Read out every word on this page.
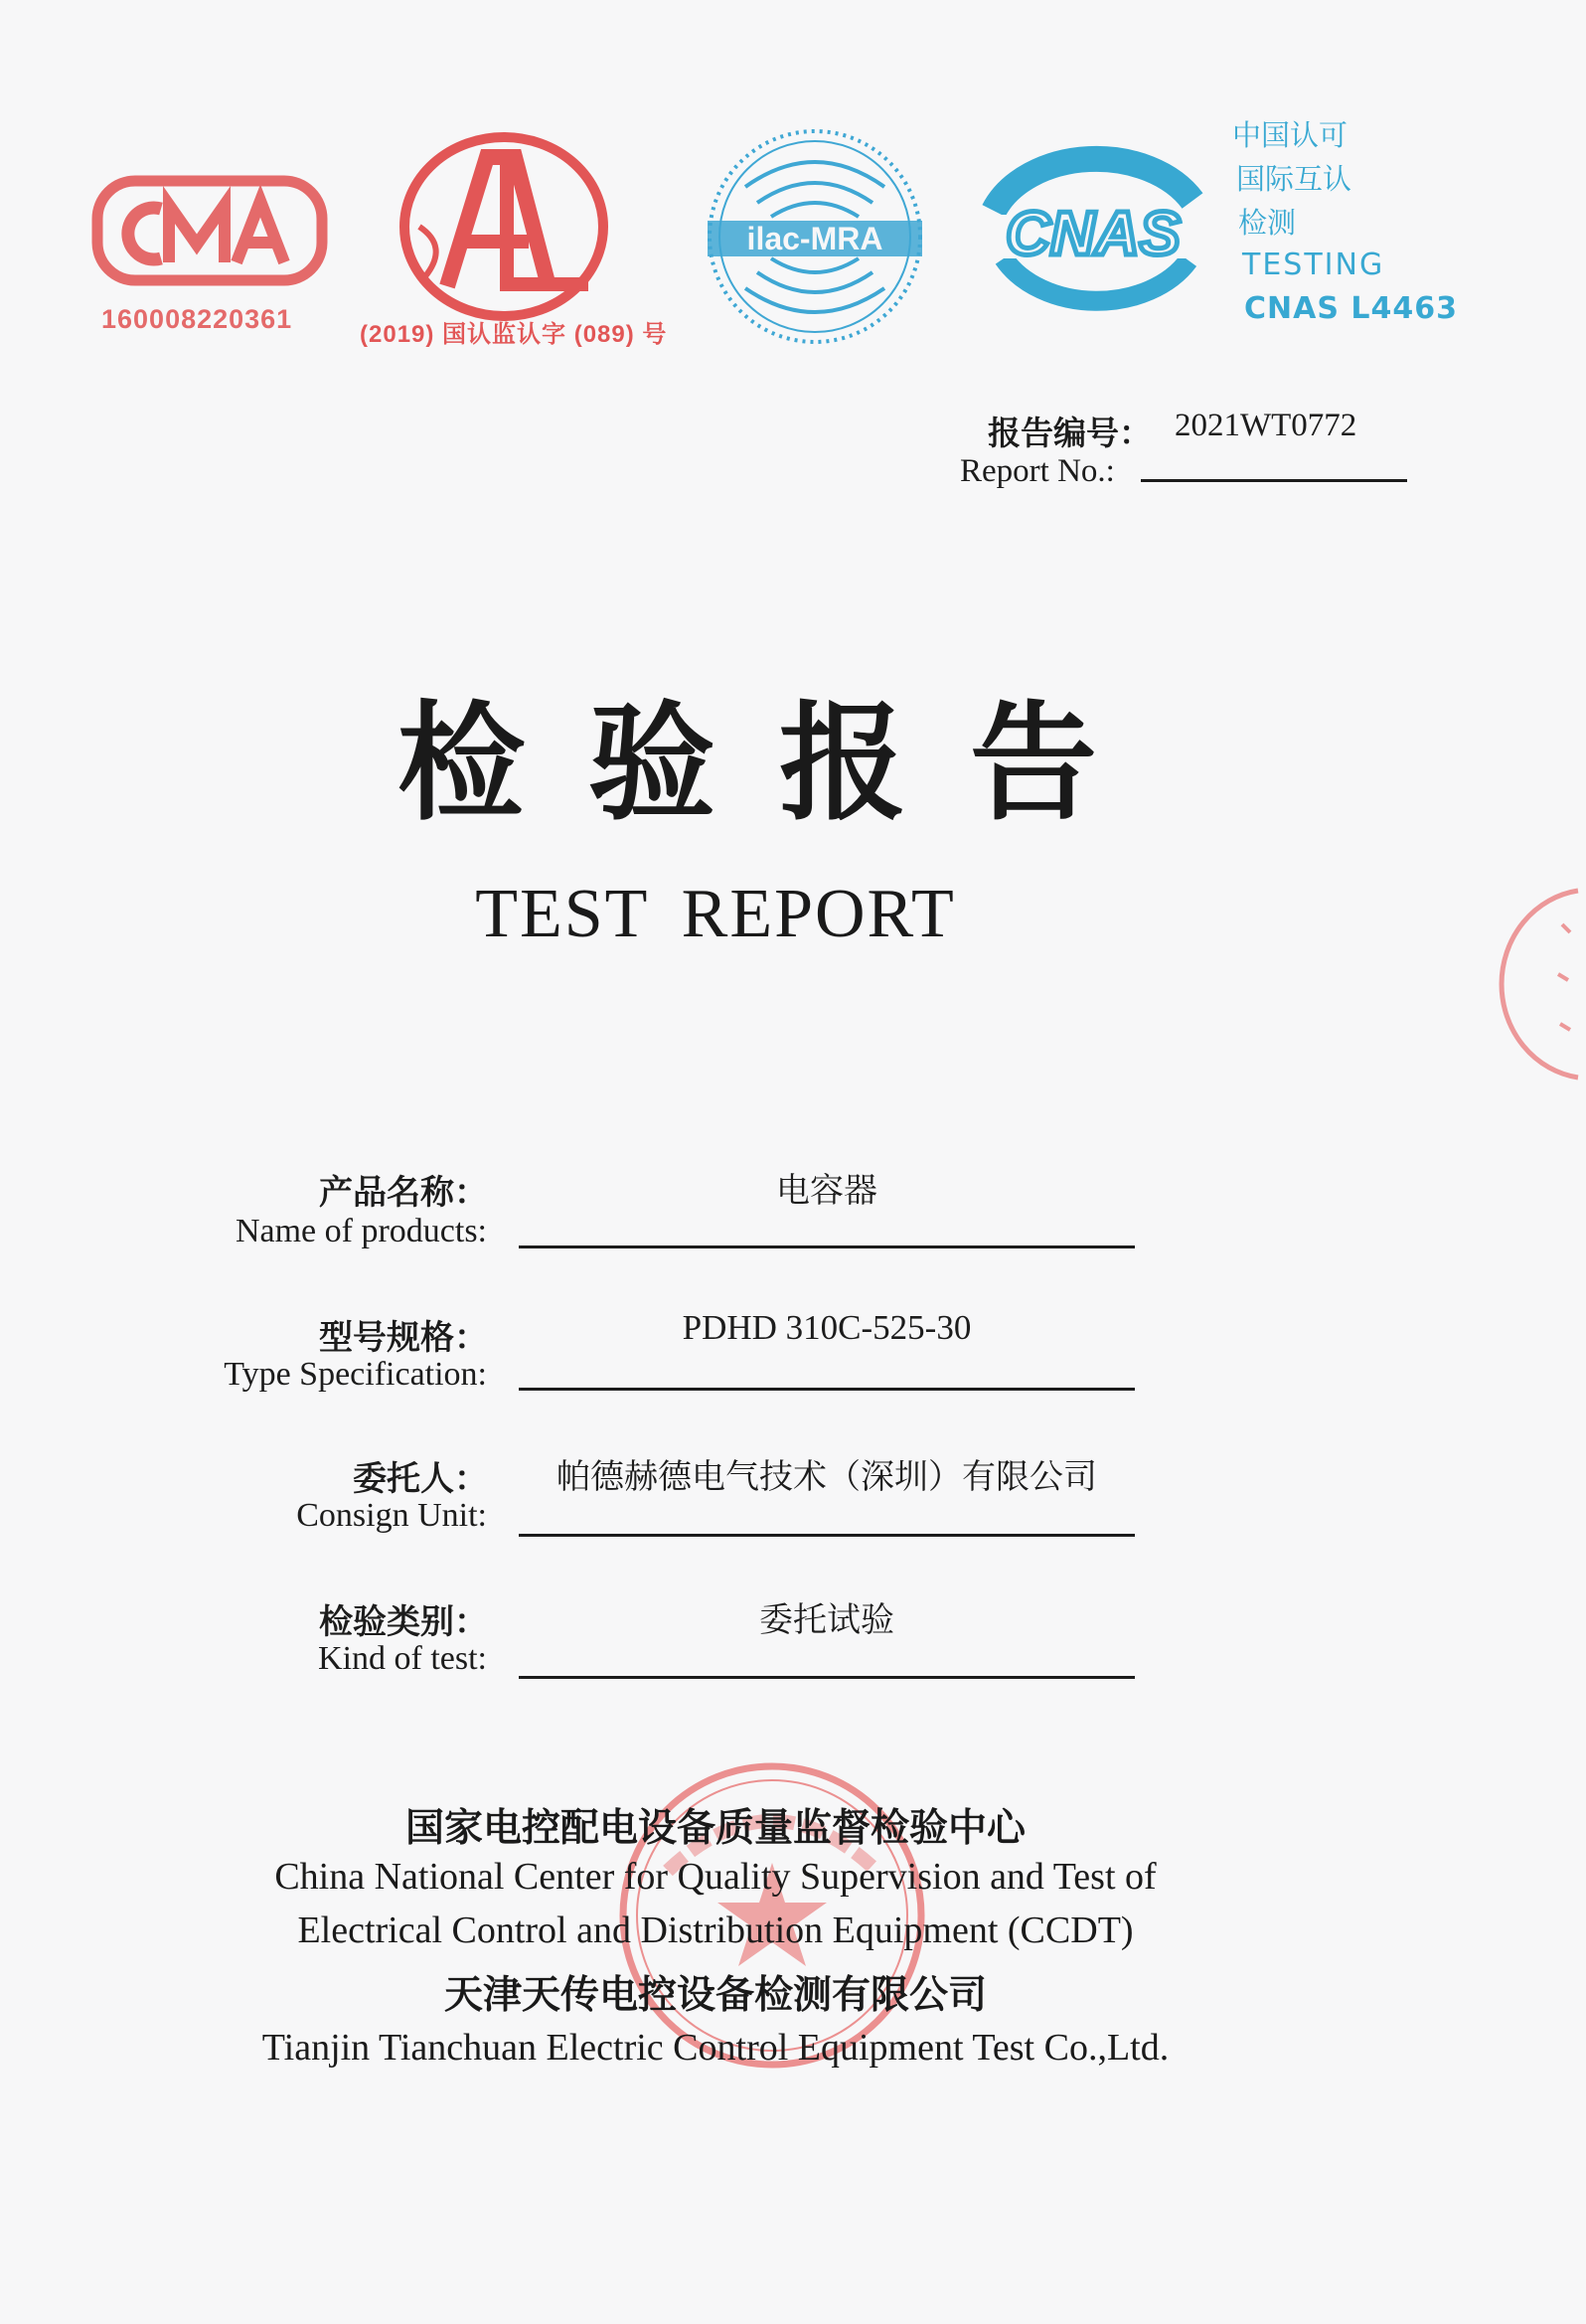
160008220361
(2019) 国认监认字 (089) 号
ilac-MRA CNAS
中国认可
国际互认
检测
TESTING
CNAS L4463
报告编号： 2021WT0772
Report No.:
检验报告
TEST REPORT
产品名称：
Name of products:
电容器
型号规格：
Type Specification:
PDHD 310C-525-30
委托人：
Consign Unit:
帕德赫德电气技术（深圳）有限公司
检验类别：
Kind of test:
委托试验
国家电控配电设备质量监督检验中心
China National Center for Quality Supervision and Test of
Electrical Control and Distribution Equipment (CCDT)
天津天传电控设备检测有限公司
Tianjin Tianchuan Electric Control Equipment Test Co.,Ltd.
